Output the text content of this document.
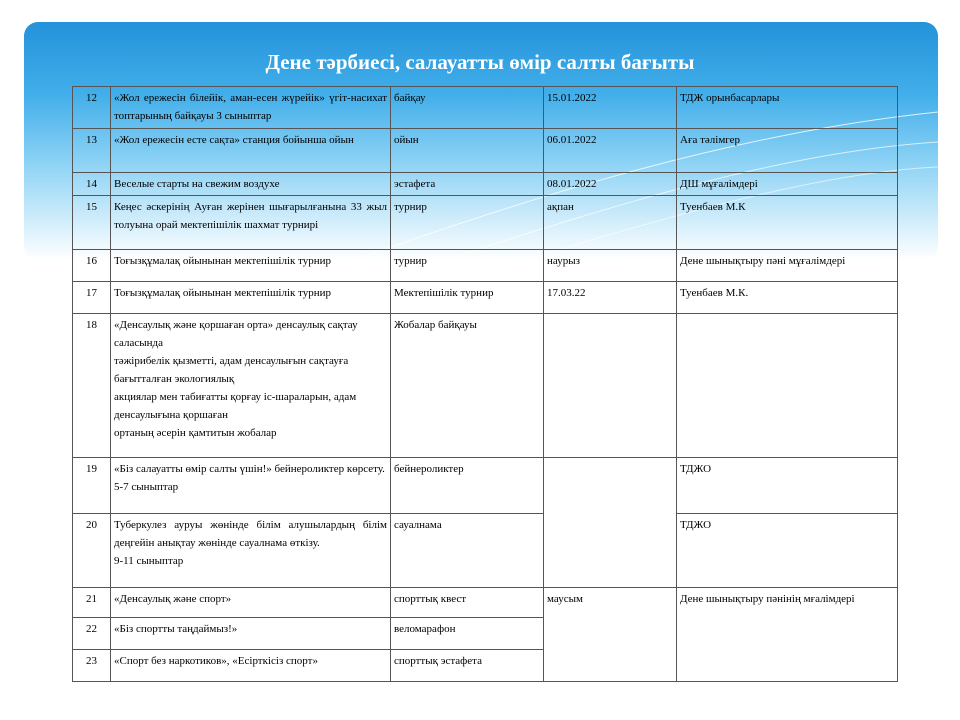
Дене тәрбиесі, салауатты өмір салты бағыты
12	«Жол ережесін білейік, аман-есен жүрейік» үгіт-насихат топтарының байқауы 3 сыныптар	байқау	15.01.2022	ТДЖ орынбасарлары
13	«Жол ережесін есте сақта» станция бойынша ойын	ойын	06.01.2022	Аға тәлімгер
14	Веселые старты на свежим воздухе	эстафета	08.01.2022	ДШ мұғалімдері
15	Кеңес әскерінің Ауған жерінен шығарылғанына 33 жыл толуына орай мектепішілік шахмат турнирі	турнир	ақпан	Туенбаев М.К
16	Тоғызқұмалақ ойынынан мектепішілік турнир	турнир	наурыз	Дене шынықтыру пәні мұғалімдері
17	Тоғызқұмалақ ойынынан мектепішілік турнир	Мектепішілік турнир	17.03.22	Туенбаев М.К.
18	«Денсаулық және қоршаған орта» денсаулық сақтау саласында
тәжірибелік қызметті, адам денсаулығын сақтауға бағытталған экологиялық
акциялар мен табиғатты қорғау іс-шараларын, адам денсаулығына қоршаған
ортаның әсерін қамтитын жобалар	Жобалар байқауы		
19	«Біз салауатты өмір салты үшін!» бейнероликтер көрсету.
5-7 сыныптар	бейнероликтер		ТДЖО
20	Туберкулез ауруы жөнінде білім алушылардың білім деңгейін анықтау жөнінде сауалнама өткізу.
9-11 сыныптар	сауалнама		ТДЖО
21	«Денсаулық және спорт»	спорттық квест	маусым	Дене шынықтыру пәнінің мғалімдері
22	«Біз спортты таңдаймыз!»	веломарафон		
23	«Спорт без наркотиков», «Есірткісіз спорт»	спорттық эстафета		
